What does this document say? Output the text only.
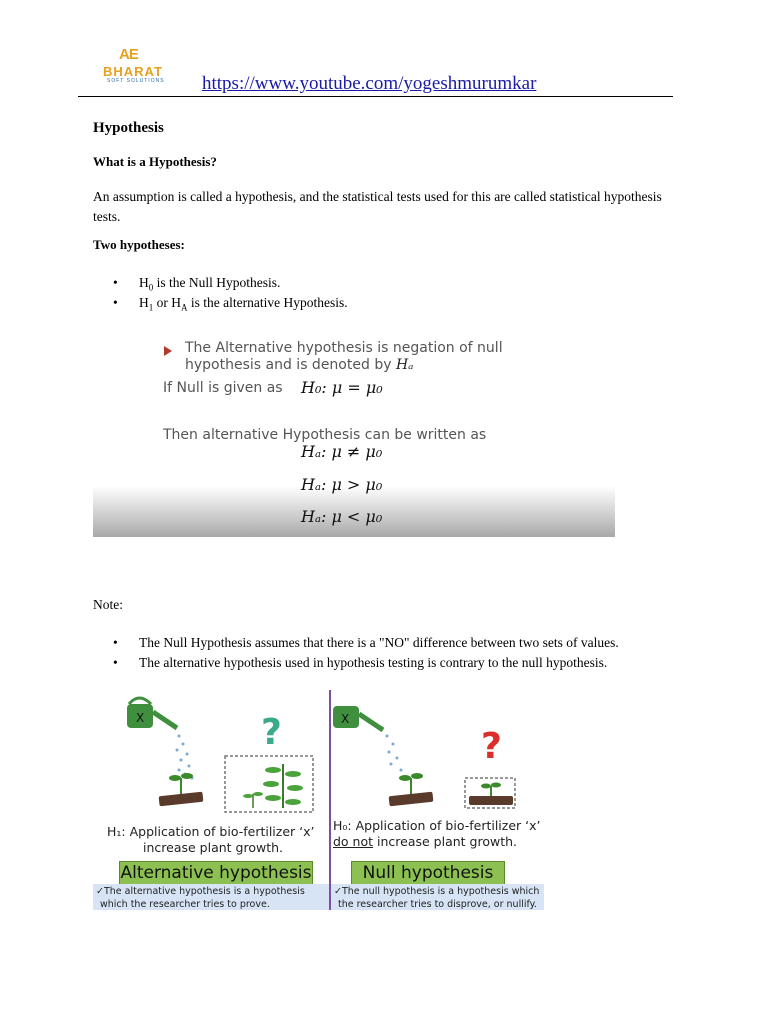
AE
BHARAT
SOFT SOLUTIONS https://www.youtube.com/yogeshmurumkar
Hypothesis
What is a Hypothesis?
An assumption is called a hypothesis, and the statistical tests used for this are called statistical hypothesis tests.
Two hypotheses:
• $H_0$ is the Null Hypothesis.
• $H_1$ or $H_A$ is the alternative Hypothesis.
The Alternative hypothesis is negation of null
hypothesis and is denoted by Hₐ
If Null is given as H₀: μ = μ₀
Then alternative Hypothesis can be written as
Hₐ: μ ≠ μ₀
Hₐ: μ > μ₀
Hₐ: μ < μ₀
Note:
• The Null Hypothesis assumes that there is a "NO" difference between two sets of values.
• The alternative hypothesis used in hypothesis testing is contrary to the null hypothesis.
X	?	X
?
H₁: Application of bio-fertilizer ‘x’
increase plant growth.
H₀: Application of bio-fertilizer ‘x’
do not increase plant growth.
Alternative hypothesis	Null hypothesis
✓The alternative hypothesis is a hypothesis
which the researcher tries to prove.
✓The null hypothesis is a hypothesis which
the researcher tries to disprove, or nullify.
